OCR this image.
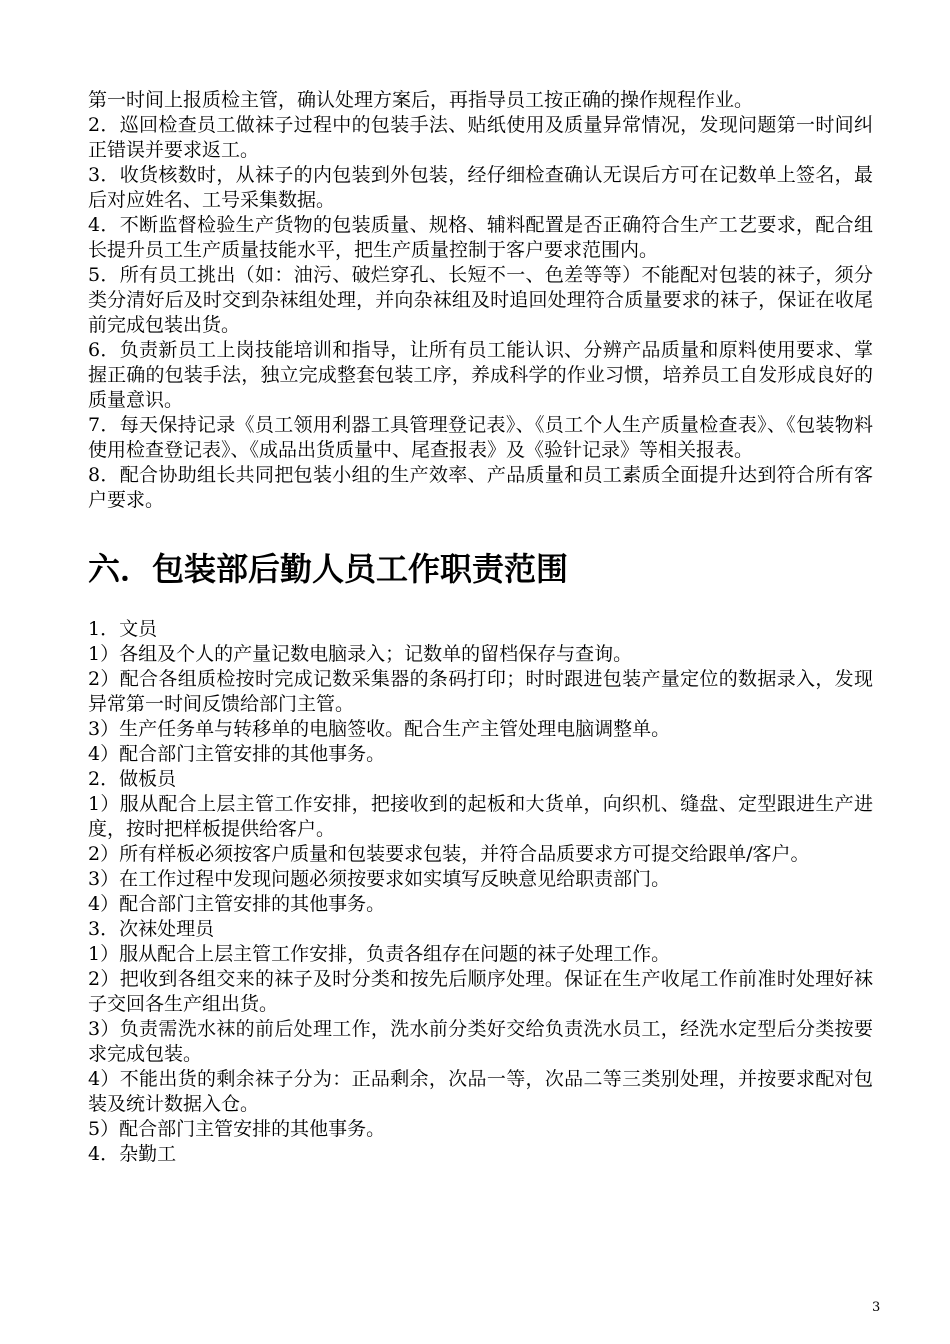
第一时间上报质检主管，确认处理方案后，再指导员工按正确的操作规程作业。

2．巡回检查员工做袜子过程中的包装手法、贴纸使用及质量异常情况，发现问题第一时间纠正错误并要求返工。

3．收货核数时，从袜子的内包装到外包装，经仔细检查确认无误后方可在记数单上签名，最后对应姓名、工号采集数据。

4．不断监督检验生产货物的包装质量、规格、辅料配置是否正确符合生产工艺要求，配合组长提升员工生产质量技能水平，把生产质量控制于客户要求范围内。

5．所有员工挑出（如：油污、破烂穿孔、长短不一、色差等等）不能配对包装的袜子，须分类分清好后及时交到杂袜组处理，并向杂袜组及时追回处理符合质量要求的袜子，保证在收尾前完成包装出货。

6．负责新员工上岗技能培训和指导，让所有员工能认识、分辨产品质量和原料使用要求、掌握正确的包装手法，独立完成整套包装工序，养成科学的作业习惯，培养员工自发形成良好的质量意识。

7．每天保持记录《员工领用利器工具管理登记表》、《员工个人生产质量检查表》、《包装物料使用检查登记表》、《成品出货质量中、尾查报表》及《验针记录》等相关报表。

8．配合协助组长共同把包装小组的生产效率、产品质量和员工素质全面提升达到符合所有客户要求。

六．包装部后勤人员工作职责范围

1．文员

1）各组及个人的产量记数电脑录入；记数单的留档保存与查询。

2）配合各组质检按时完成记数采集器的条码打印；时时跟进包装产量定位的数据录入，发现异常第一时间反馈给部门主管。

3）生产任务单与转移单的电脑签收。配合生产主管处理电脑调整单。

4）配合部门主管安排的其他事务。

2．做板员

1）服从配合上层主管工作安排，把接收到的起板和大货单，向织机、缝盘、定型跟进生产进度，按时把样板提供给客户。

2）所有样板必须按客户质量和包装要求包装，并符合品质要求方可提交给跟单/客户。

3）在工作过程中发现问题必须按要求如实填写反映意见给职责部门。

4）配合部门主管安排的其他事务。

3．次袜处理员

1）服从配合上层主管工作安排，负责各组存在问题的袜子处理工作。

2）把收到各组交来的袜子及时分类和按先后顺序处理。保证在生产收尾工作前准时处理好袜子交回各生产组出货。

3）负责需洗水袜的前后处理工作，洗水前分类好交给负责洗水员工，经洗水定型后分类按要求完成包装。

4）不能出货的剩余袜子分为：正品剩余，次品一等，次品二等三类别处理，并按要求配对包装及统计数据入仓。

5）配合部门主管安排的其他事务。

4．杂勤工

3
